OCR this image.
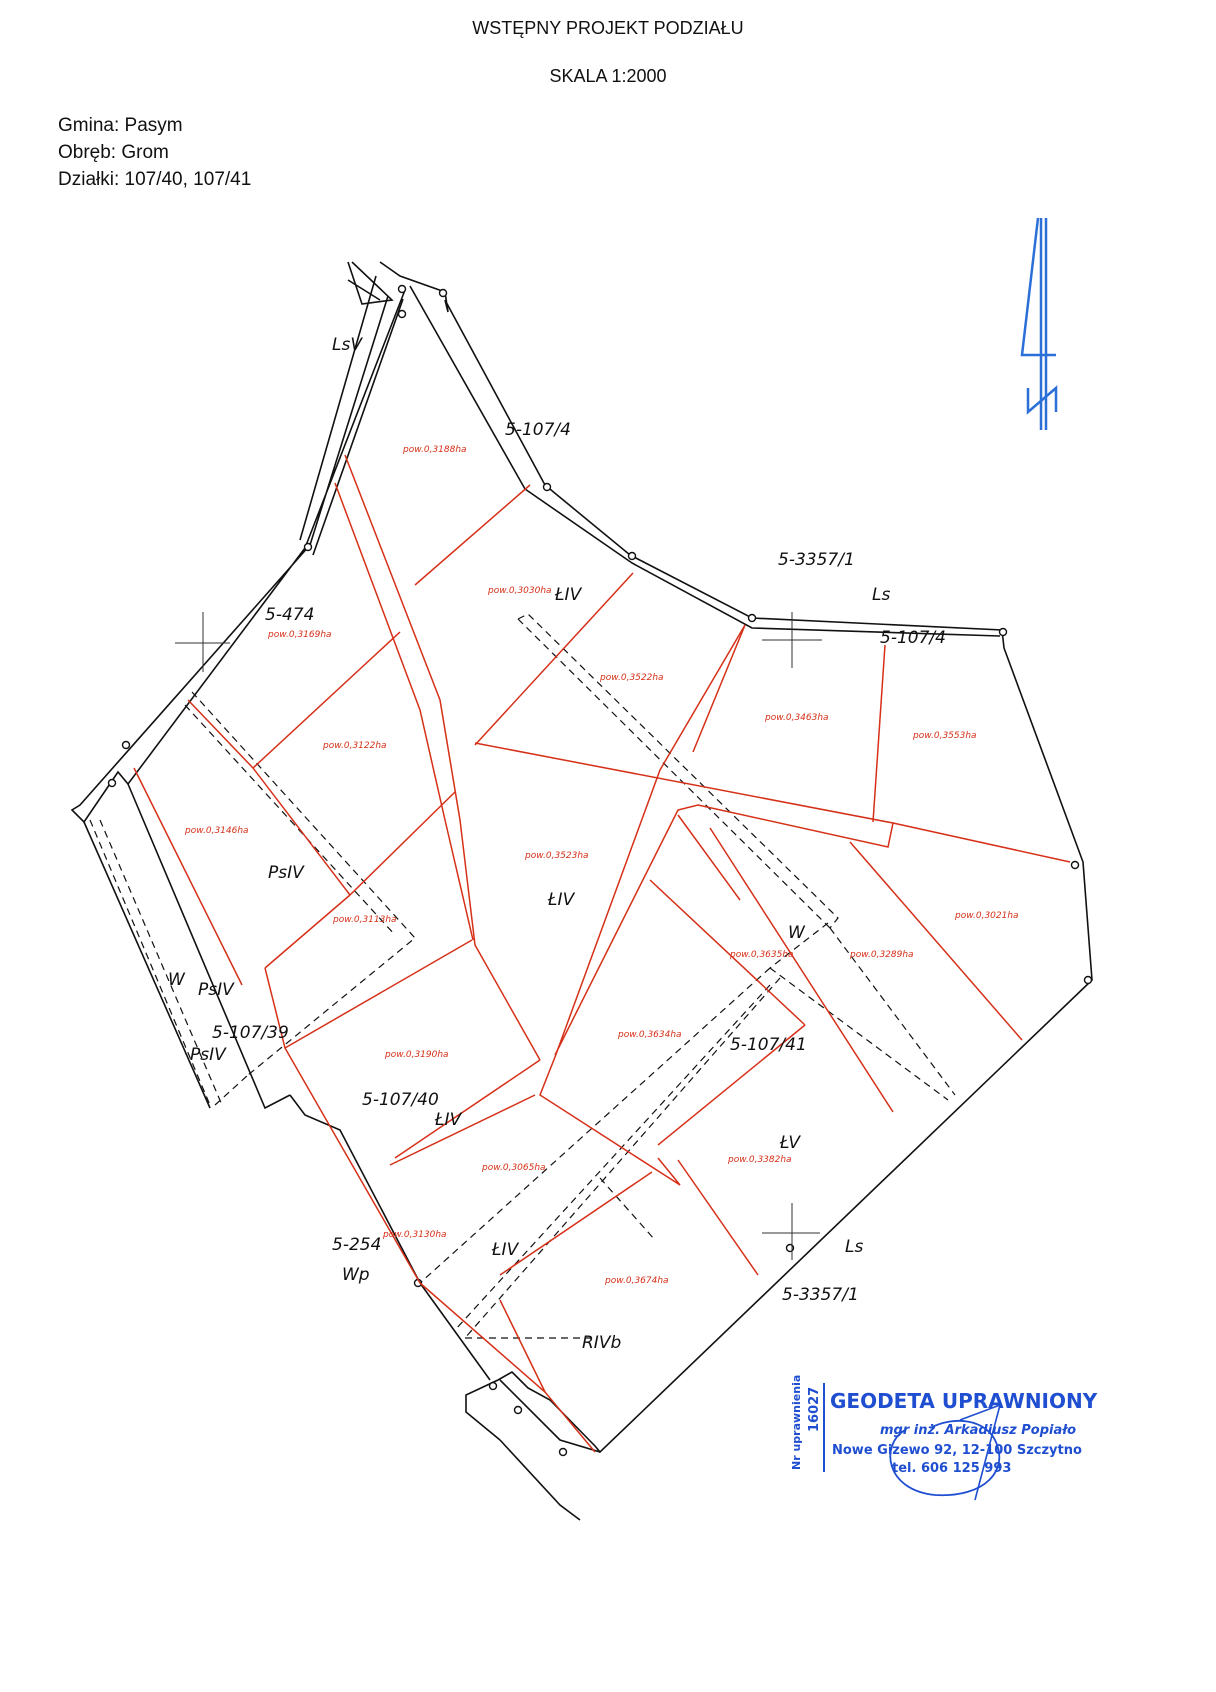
WSTĘPNY PROJEKT PODZIAŁU
SKALA 1:2000
Gmina: Pasym
Obręb: Grom
Działki: 107/40, 107/41
LsV
5-107/4
5-3357/1
Ls
5-107/4
5-474
ŁIV
PsIV
ŁIV
W PsIV
5-107/39
PsIV
W
5-107/41
5-107/40
ŁIV
ŁV
5-254
Wp
ŁIV	Ls
5-3357/1
RIVb
pow.0,3188ha
pow.0,3030ha
pow.0,3169ha
pow.0,3522ha
pow.0,3463ha
pow.0,3553ha
pow.0,3122ha
pow.0,3146ha
pow.0,3523ha
pow.0,3021ha
pow.0,3113ha
pow.0,3635ha	pow.0,3289ha
pow.0,3634ha
pow.0,3190ha
pow.0,3065ha
pow.0,3382ha
pow.0,3130ha
pow.0,3674ha
Nr uprawnienia 16027 GEODETA UPRAWNIONY
mgr inż. Arkadiusz Popiało
Nowe Gizewo 92, 12-100 Szczytno
tel. 606 125 993
